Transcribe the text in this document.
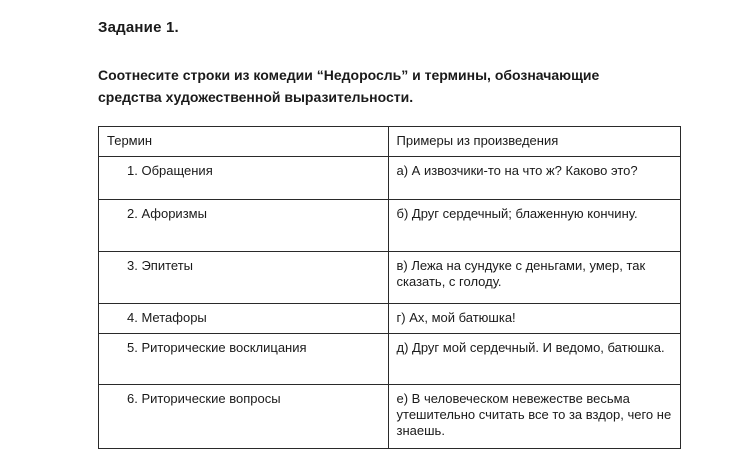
Задание 1.
Соотнесите строки из комедии “Недоросль” и термины, обозначающие
средства художественной выразительности.
Термин	Примеры из произведения
1. Обращения	а) А извозчики-то на что ж? Каково это?
2. Афоризмы	б) Друг сердечный; блаженную кончину.
3. Эпитеты	в) Лежа на сундуке с деньгами, умер, так сказать, с голоду.
4. Метафоры	г) Ах, мой батюшка!
5. Риторические восклицания	д) Друг мой сердечный. И ведомо, батюшка.
6. Риторические вопросы	е) В человеческом невежестве весьма утешительно считать все то за вздор, чего не знаешь.
